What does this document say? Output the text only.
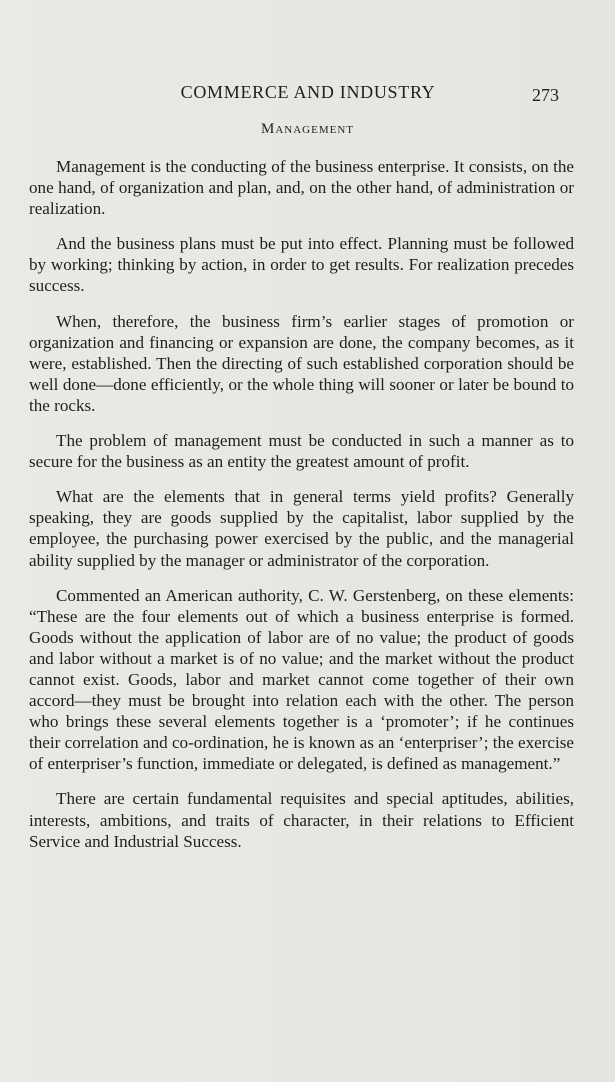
COMMERCE AND INDUSTRY	273
Management

Management is the conducting of the business enterprise. It consists, on the one hand, of organization and plan, and, on the other hand, of administration or realization.

And the business plans must be put into effect. Planning must be followed by working; thinking by action, in order to get results. For realization precedes success.

When, therefore, the business firm’s earlier stages of promotion or organization and financing or expansion are done, the company becomes, as it were, established. Then the directing of such established corporation should be well done—done efficiently, or the whole thing will sooner or later be bound to the rocks.

The problem of management must be conducted in such a manner as to secure for the business as an entity the greatest amount of profit.

What are the elements that in general terms yield profits? Generally speaking, they are goods supplied by the capitalist, labor supplied by the employee, the purchasing power exercised by the public, and the managerial ability supplied by the manager or administrator of the corporation.

Commented an American authority, C. W. Gerstenberg, on these elements: “These are the four elements out of which a business enterprise is formed. Goods without the application of labor are of no value; the product of goods and labor without a market is of no value; and the market without the product cannot exist. Goods, labor and market cannot come together of their own accord—they must be brought into relation each with the other. The person who brings these several elements together is a ‘promoter’; if he continues their correlation and co-ordination, he is known as an ‘enterpriser’; the exercise of enterpriser’s function, immediate or delegated, is defined as management.”

There are certain fundamental requisites and special aptitudes, abilities, interests, ambitions, and traits of character, in their relations to Efficient Service and Industrial Success.
